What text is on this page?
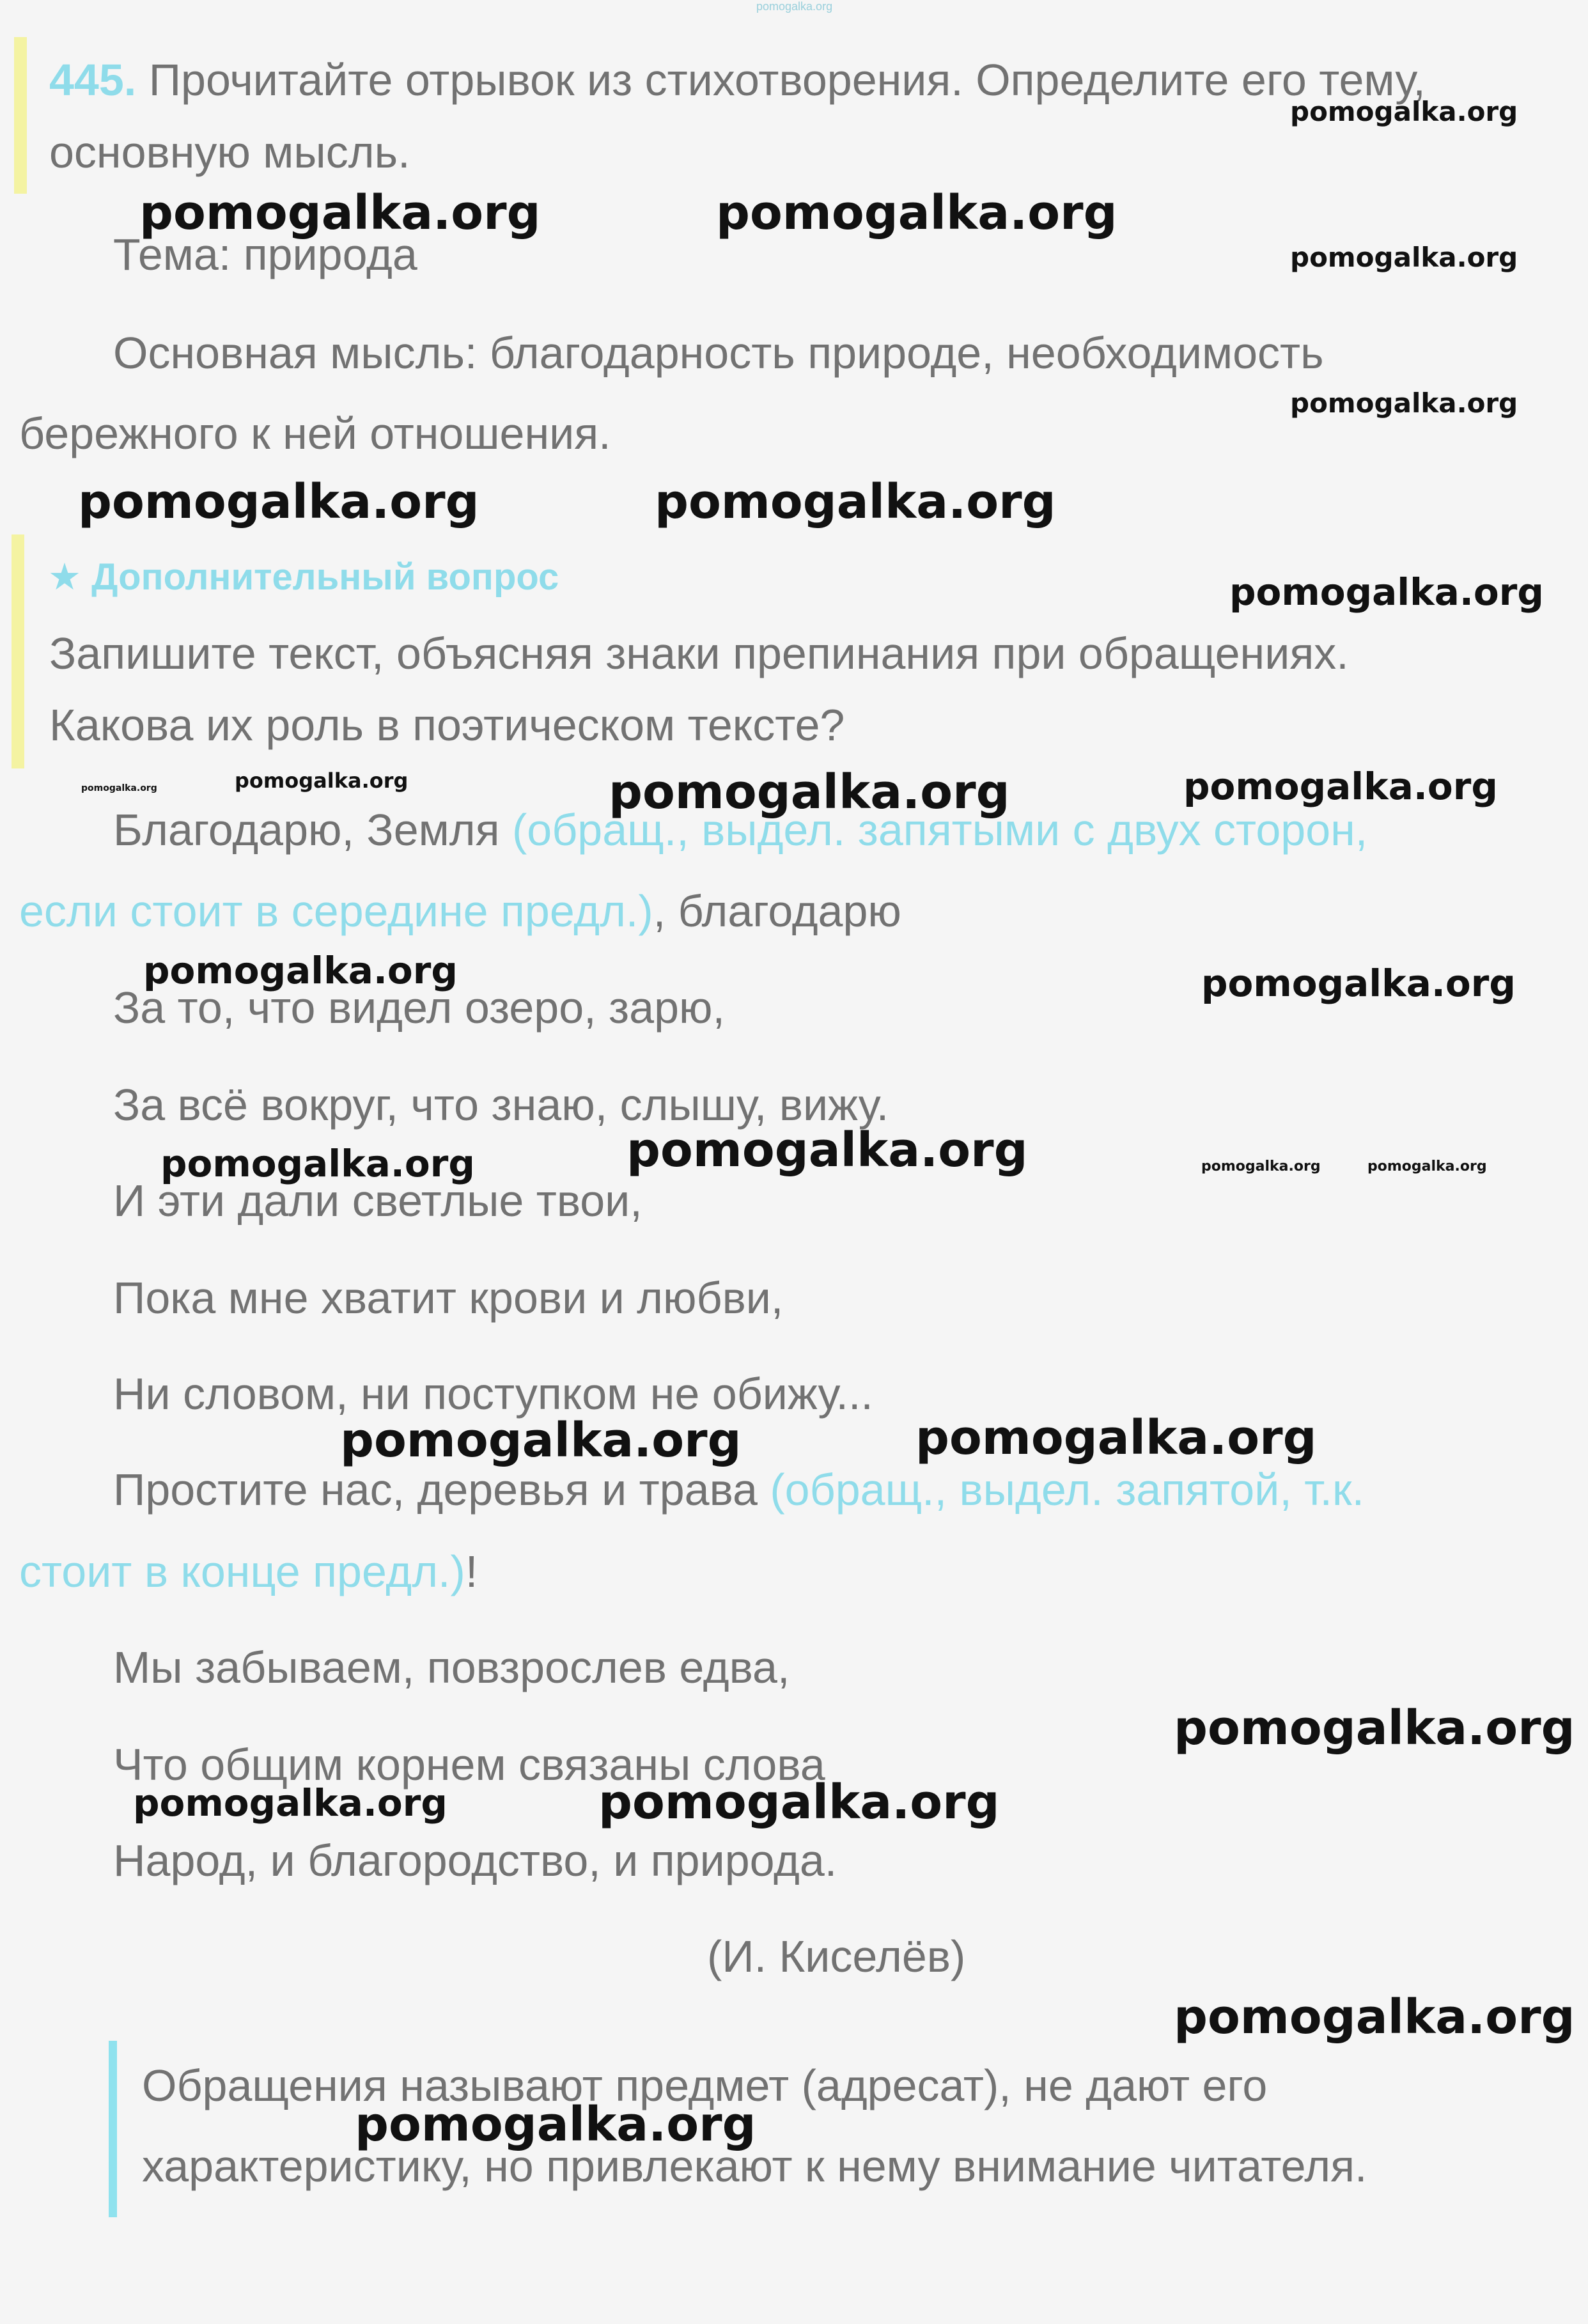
pomogalka.org
445. Прочитайте отрывок из стихотворения. Определите его тему,
основную мысль.
Тема: природа
Основная мысль: благодарность природе, необходимость
бережного к ней отношения.
★ Дополнительный вопрос
Запишите текст, объясняя знаки препинания при обращениях.
Какова их роль в поэтическом тексте?
Благодарю, Земля (обращ., выдел. запятыми с двух сторон,
если стоит в середине предл.), благодарю
За то, что видел озеро, зарю,
За всё вокруг, что знаю, слышу, вижу.
И эти дали светлые твои,
Пока мне хватит крови и любви,
Ни словом, ни поступком не обижу...
Простите нас, деревья и трава (обращ., выдел. запятой, т.к.
стоит в конце предл.)!
Мы забываем, повзрослев едва,
Что общим корнем связаны слова
Народ, и благородство, и природа.
(И. Киселёв)
Обращения называют предмет (адресат), не дают его
характеристику, но привлекают к нему внимание читателя.
pomogalka.org
pomogalka.org	pomogalka.org
pomogalka.org
pomogalka.org
pomogalka.org	pomogalka.org
pomogalka.org
pomogalka.org	pomogalka.org	pomogalka.org	pomogalka.org
pomogalka.org	pomogalka.org
pomogalka.org	pomogalka.org	pomogalka.org	pomogalka.org
pomogalka.org	pomogalka.org
pomogalka.org
pomogalka.org	pomogalka.org
pomogalka.org
pomogalka.org
